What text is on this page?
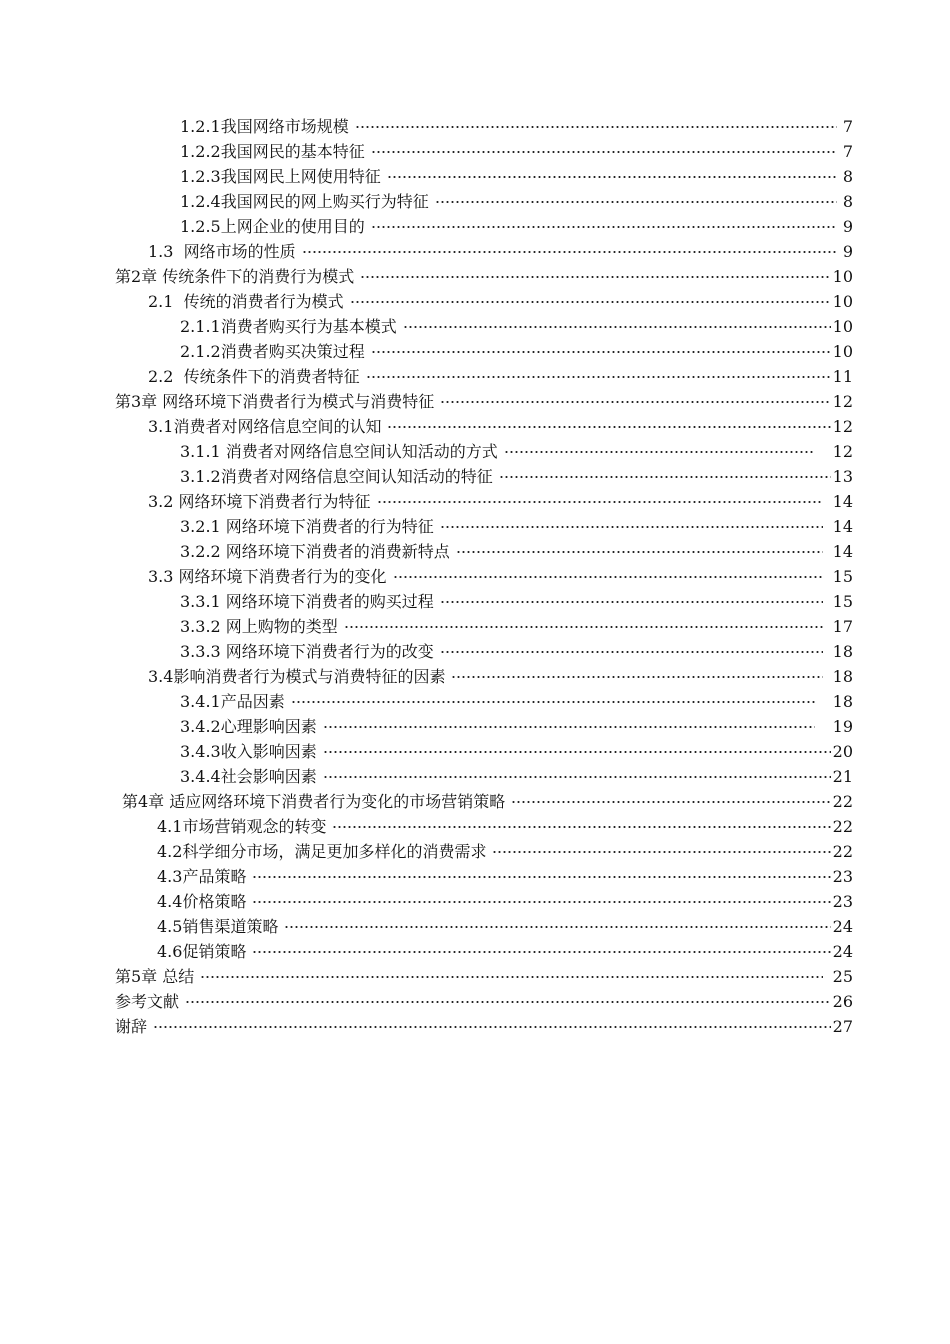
1.2.1我国网络市场规模	7
1.2.2我国网民的基本特征	7
1.2.3我国网民上网使用特征	8
1.2.4我国网民的网上购买行为特征	8
1.2.5上网企业的使用目的	9
1.3  网络市场的性质	9
第2章 传统条件下的消费行为模式	10
2.1  传统的消费者行为模式	10
2.1.1消费者购买行为基本模式	10
2.1.2消费者购买决策过程	10
2.2  传统条件下的消费者特征	11
第3章 网络环境下消费者行为模式与消费特征	12
3.1消费者对网络信息空间的认知	12
3.1.1 消费者对网络信息空间认知活动的方式	12
3.1.2消费者对网络信息空间认知活动的特征	13
3.2 网络环境下消费者行为特征	14
3.2.1 网络环境下消费者的行为特征	14
3.2.2 网络环境下消费者的消费新特点	14
3.3 网络环境下消费者行为的变化	15
3.3.1 网络环境下消费者的购买过程	15
3.3.2 网上购物的类型	17
3.3.3 网络环境下消费者行为的改变	18
3.4影响消费者行为模式与消费特征的因素	18
3.4.1产品因素	18
3.4.2心理影响因素	19
3.4.3收入影响因素	20
3.4.4社会影响因素	21
第4章 适应网络环境下消费者行为变化的市场营销策略	22
4.1市场营销观念的转变	22
4.2科学细分市场，满足更加多样化的消费需求	22
4.3产品策略	23
4.4价格策略	23
4.5销售渠道策略	24
4.6促销策略	24
第5章 总结	25
参考文献	26
谢辞	27
